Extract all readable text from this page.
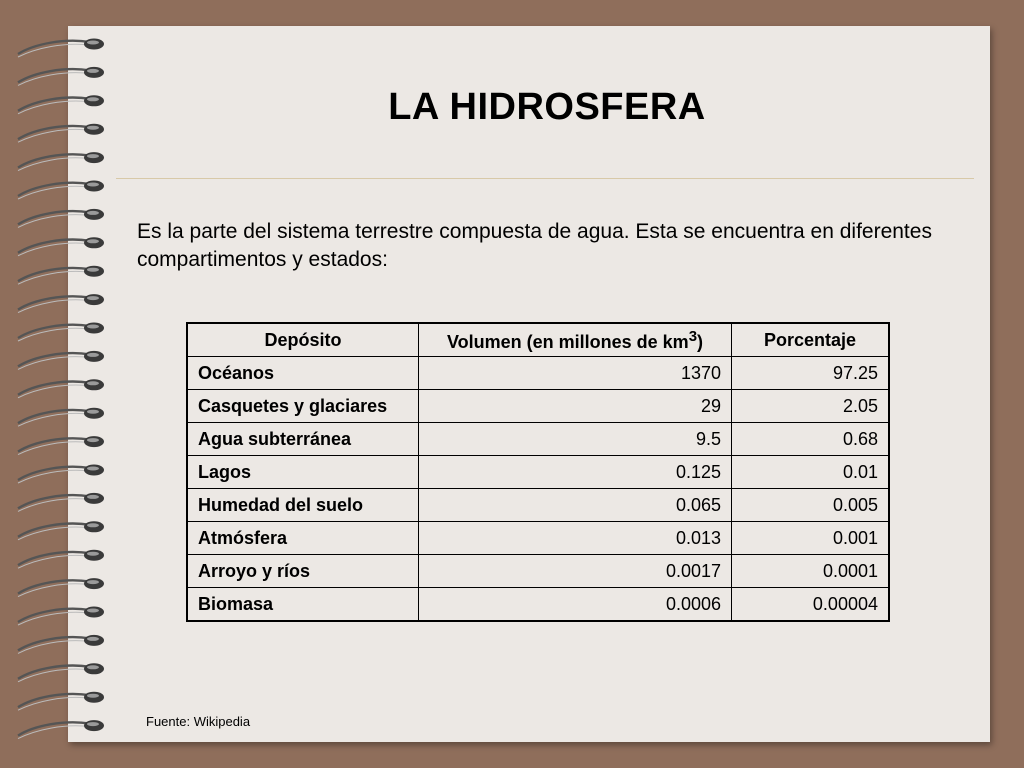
LA HIDROSFERA
Es la parte del sistema terrestre compuesta de agua. Esta se encuentra en diferentes compartimentos y estados:
Depósito	Volumen (en millones de $km^3$)	Porcentaje
Océanos	1370	97.25
Casquetes y glaciares	29	2.05
Agua subterránea	9.5	0.68
Lagos	0.125	0.01
Humedad del suelo	0.065	0.005
Atmósfera	0.013	0.001
Arroyo y ríos	0.0017	0.0001
Biomasa	0.0006	0.00004
Fuente: Wikipedia
